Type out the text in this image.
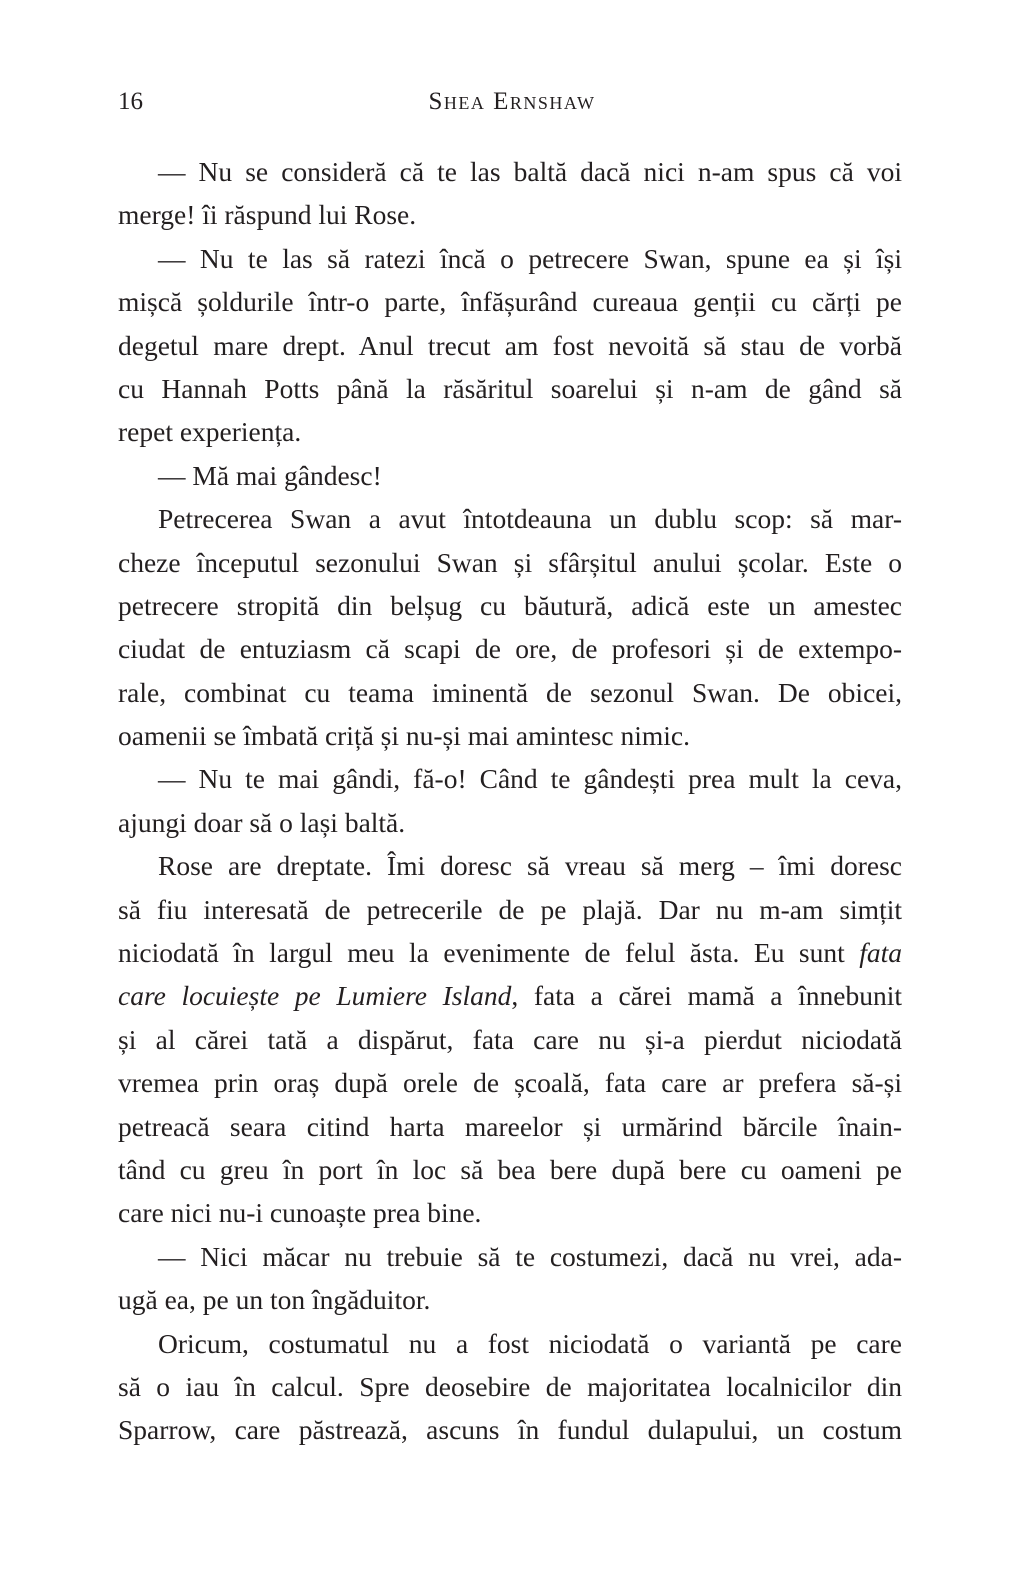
16	Shea Ernshaw
— Nu se consideră că te las baltă dacă nici n-am spus că voi
merge! îi răspund lui Rose.
— Nu te las să ratezi încă o petrecere Swan, spune ea și își
mișcă șoldurile într-o parte, înfășurând cureaua genții cu cărți pe
degetul mare drept. Anul trecut am fost nevoită să stau de vorbă
cu Hannah Potts până la răsăritul soarelui și n-am de gând să
repet experiența.
— Mă mai gândesc!
Petrecerea Swan a avut întotdeauna un dublu scop: să mar-
cheze începutul sezonului Swan și sfârșitul anului școlar. Este o
petrecere stropită din belșug cu băutură, adică este un amestec
ciudat de entuziasm că scapi de ore, de profesori și de extempo-
rale, combinat cu teama iminentă de sezonul Swan. De obicei,
oamenii se îmbată criță și nu-și mai amintesc nimic.
— Nu te mai gândi, fă-o! Când te gândești prea mult la ceva,
ajungi doar să o lași baltă.
Rose are dreptate. Îmi doresc să vreau să merg – îmi doresc
să fiu interesată de petrecerile de pe plajă. Dar nu m-am simțit
niciodată în largul meu la evenimente de felul ăsta. Eu sunt fata
care locuiește pe Lumiere Island, fata a cărei mamă a înnebunit
și al cărei tată a dispărut, fata care nu și-a pierdut niciodată
vremea prin oraș după orele de școală, fata care ar prefera să-și
petreacă seara citind harta mareelor și urmărind bărcile înain-
tând cu greu în port în loc să bea bere după bere cu oameni pe
care nici nu-i cunoaște prea bine.
— Nici măcar nu trebuie să te costumezi, dacă nu vrei, ada-
ugă ea, pe un ton îngăduitor.
Oricum, costumatul nu a fost niciodată o variantă pe care
să o iau în calcul. Spre deosebire de majoritatea localnicilor din
Sparrow, care păstrează, ascuns în fundul dulapului, un costum
